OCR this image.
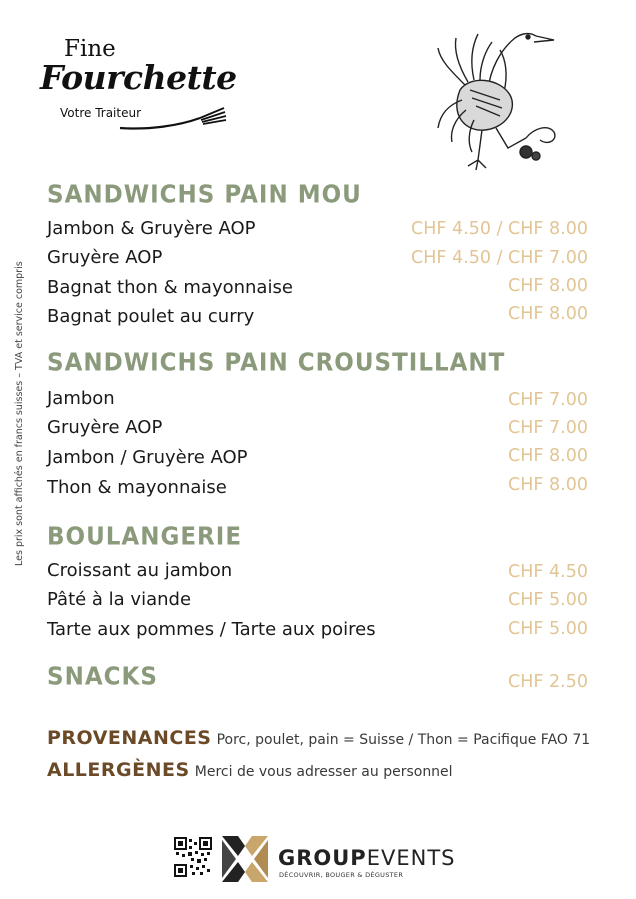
Fine
Fourchette
Votre Traiteur
Les prix sont affichés en francs suisses – TVA et service compris
SANDWICHS PAIN MOU
Jambon & Gruyère AOP	CHF 4.50 / CHF 8.00
Gruyère AOP	CHF 4.50 / CHF 7.00
Bagnat thon & mayonnaise	CHF 8.00
Bagnat poulet au curry	CHF 8.00
SANDWICHS PAIN CROUSTILLANT
Jambon	CHF 7.00
Gruyère AOP	CHF 7.00
Jambon / Gruyère AOP	CHF 8.00
Thon & mayonnaise	CHF 8.00
BOULANGERIE
Croissant au jambon	CHF 4.50
Pâté à la viande	CHF 5.00
Tarte aux pommes / Tarte aux poires	CHF 5.00
SNACKS	CHF 2.50
PROVENANCES Porc, poulet, pain = Suisse / Thon = Pacifique FAO 71
ALLERGÈNES Merci de vous adresser au personnel
GROUPEVENTS
DÉCOUVRIR, BOUGER & DÉGUSTER
